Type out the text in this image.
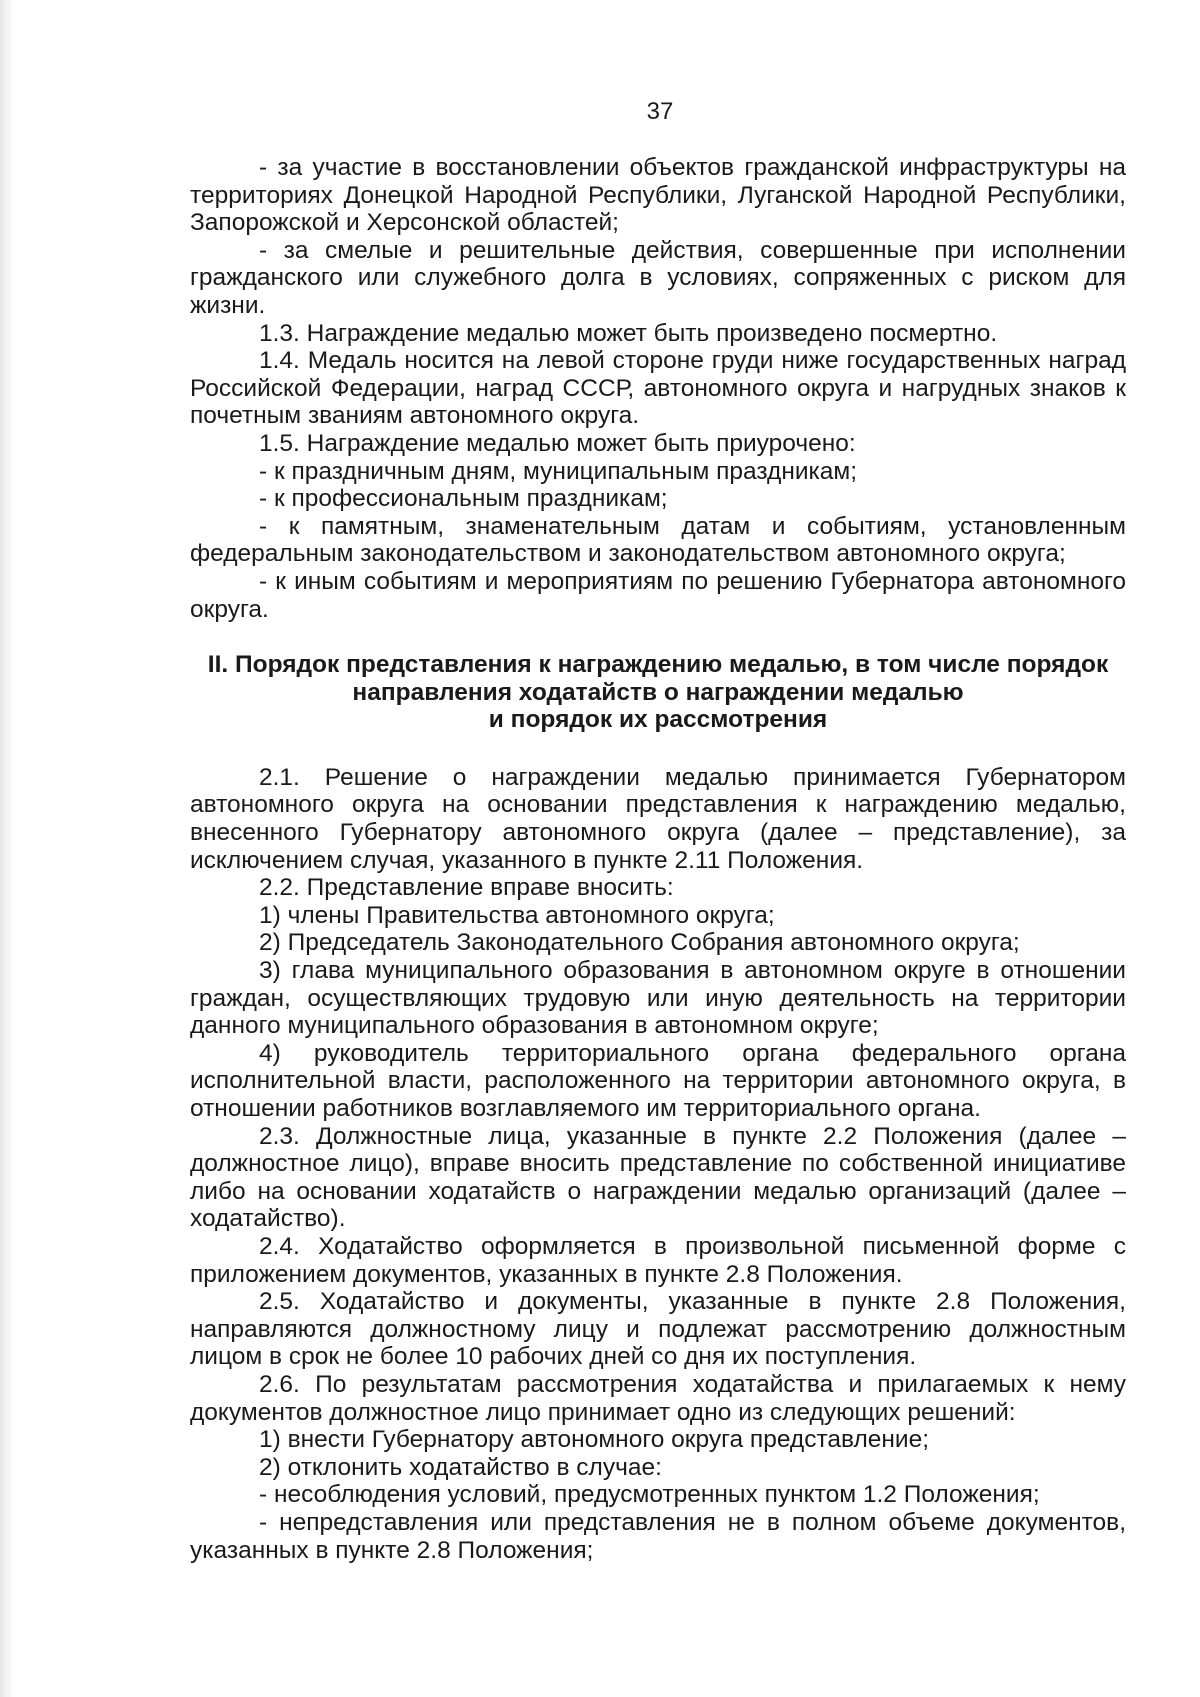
37

- за участие в восстановлении объектов гражданской инфраструктуры на территориях Донецкой Народной Республики, Луганской Народной Республики, Запорожской и Херсонской областей;

- за смелые и решительные действия, совершенные при исполнении гражданского или служебного долга в условиях, сопряженных с риском для жизни.

1.3. Награждение медалью может быть произведено посмертно.

1.4. Медаль носится на левой стороне груди ниже государственных наград Российской Федерации, наград СССР, автономного округа и нагрудных знаков к почетным званиям автономного округа.

1.5. Награждение медалью может быть приурочено:

- к праздничным дням, муниципальным праздникам;

- к профессиональным праздникам;

- к памятным, знаменательным датам и событиям, установленным федеральным законодательством и законодательством автономного округа;

- к иным событиям и мероприятиям по решению Губернатора автономного округа.

II. Порядок представления к награждению медалью, в том числе порядок
направления ходатайств о награждении медалью
и порядок их рассмотрения

2.1. Решение о награждении медалью принимается Губернатором автономного округа на основании представления к награждению медалью, внесенного Губернатору автономного округа (далее – представление), за исключением случая, указанного в пункте 2.11 Положения.

2.2. Представление вправе вносить:

1) члены Правительства автономного округа;

2) Председатель Законодательного Собрания автономного округа;

3) глава муниципального образования в автономном округе в отношении граждан, осуществляющих трудовую или иную деятельность на территории данного муниципального образования в автономном округе;

4) руководитель территориального органа федерального органа исполнительной власти, расположенного на территории автономного округа, в отношении работников возглавляемого им территориального органа.

2.3. Должностные лица, указанные в пункте 2.2 Положения (далее – должностное лицо), вправе вносить представление по собственной инициативе либо на основании ходатайств о награждении медалью организаций (далее – ходатайство).

2.4. Ходатайство оформляется в произвольной письменной форме с приложением документов, указанных в пункте 2.8 Положения.

2.5. Ходатайство и документы, указанные в пункте 2.8 Положения, направляются должностному лицу и подлежат рассмотрению должностным лицом в срок не более 10 рабочих дней со дня их поступления.

2.6. По результатам рассмотрения ходатайства и прилагаемых к нему документов должностное лицо принимает одно из следующих решений:

1) внести Губернатору автономного округа представление;

2) отклонить ходатайство в случае:

- несоблюдения условий, предусмотренных пунктом 1.2 Положения;

- непредставления или представления не в полном объеме документов, указанных в пункте 2.8 Положения;
